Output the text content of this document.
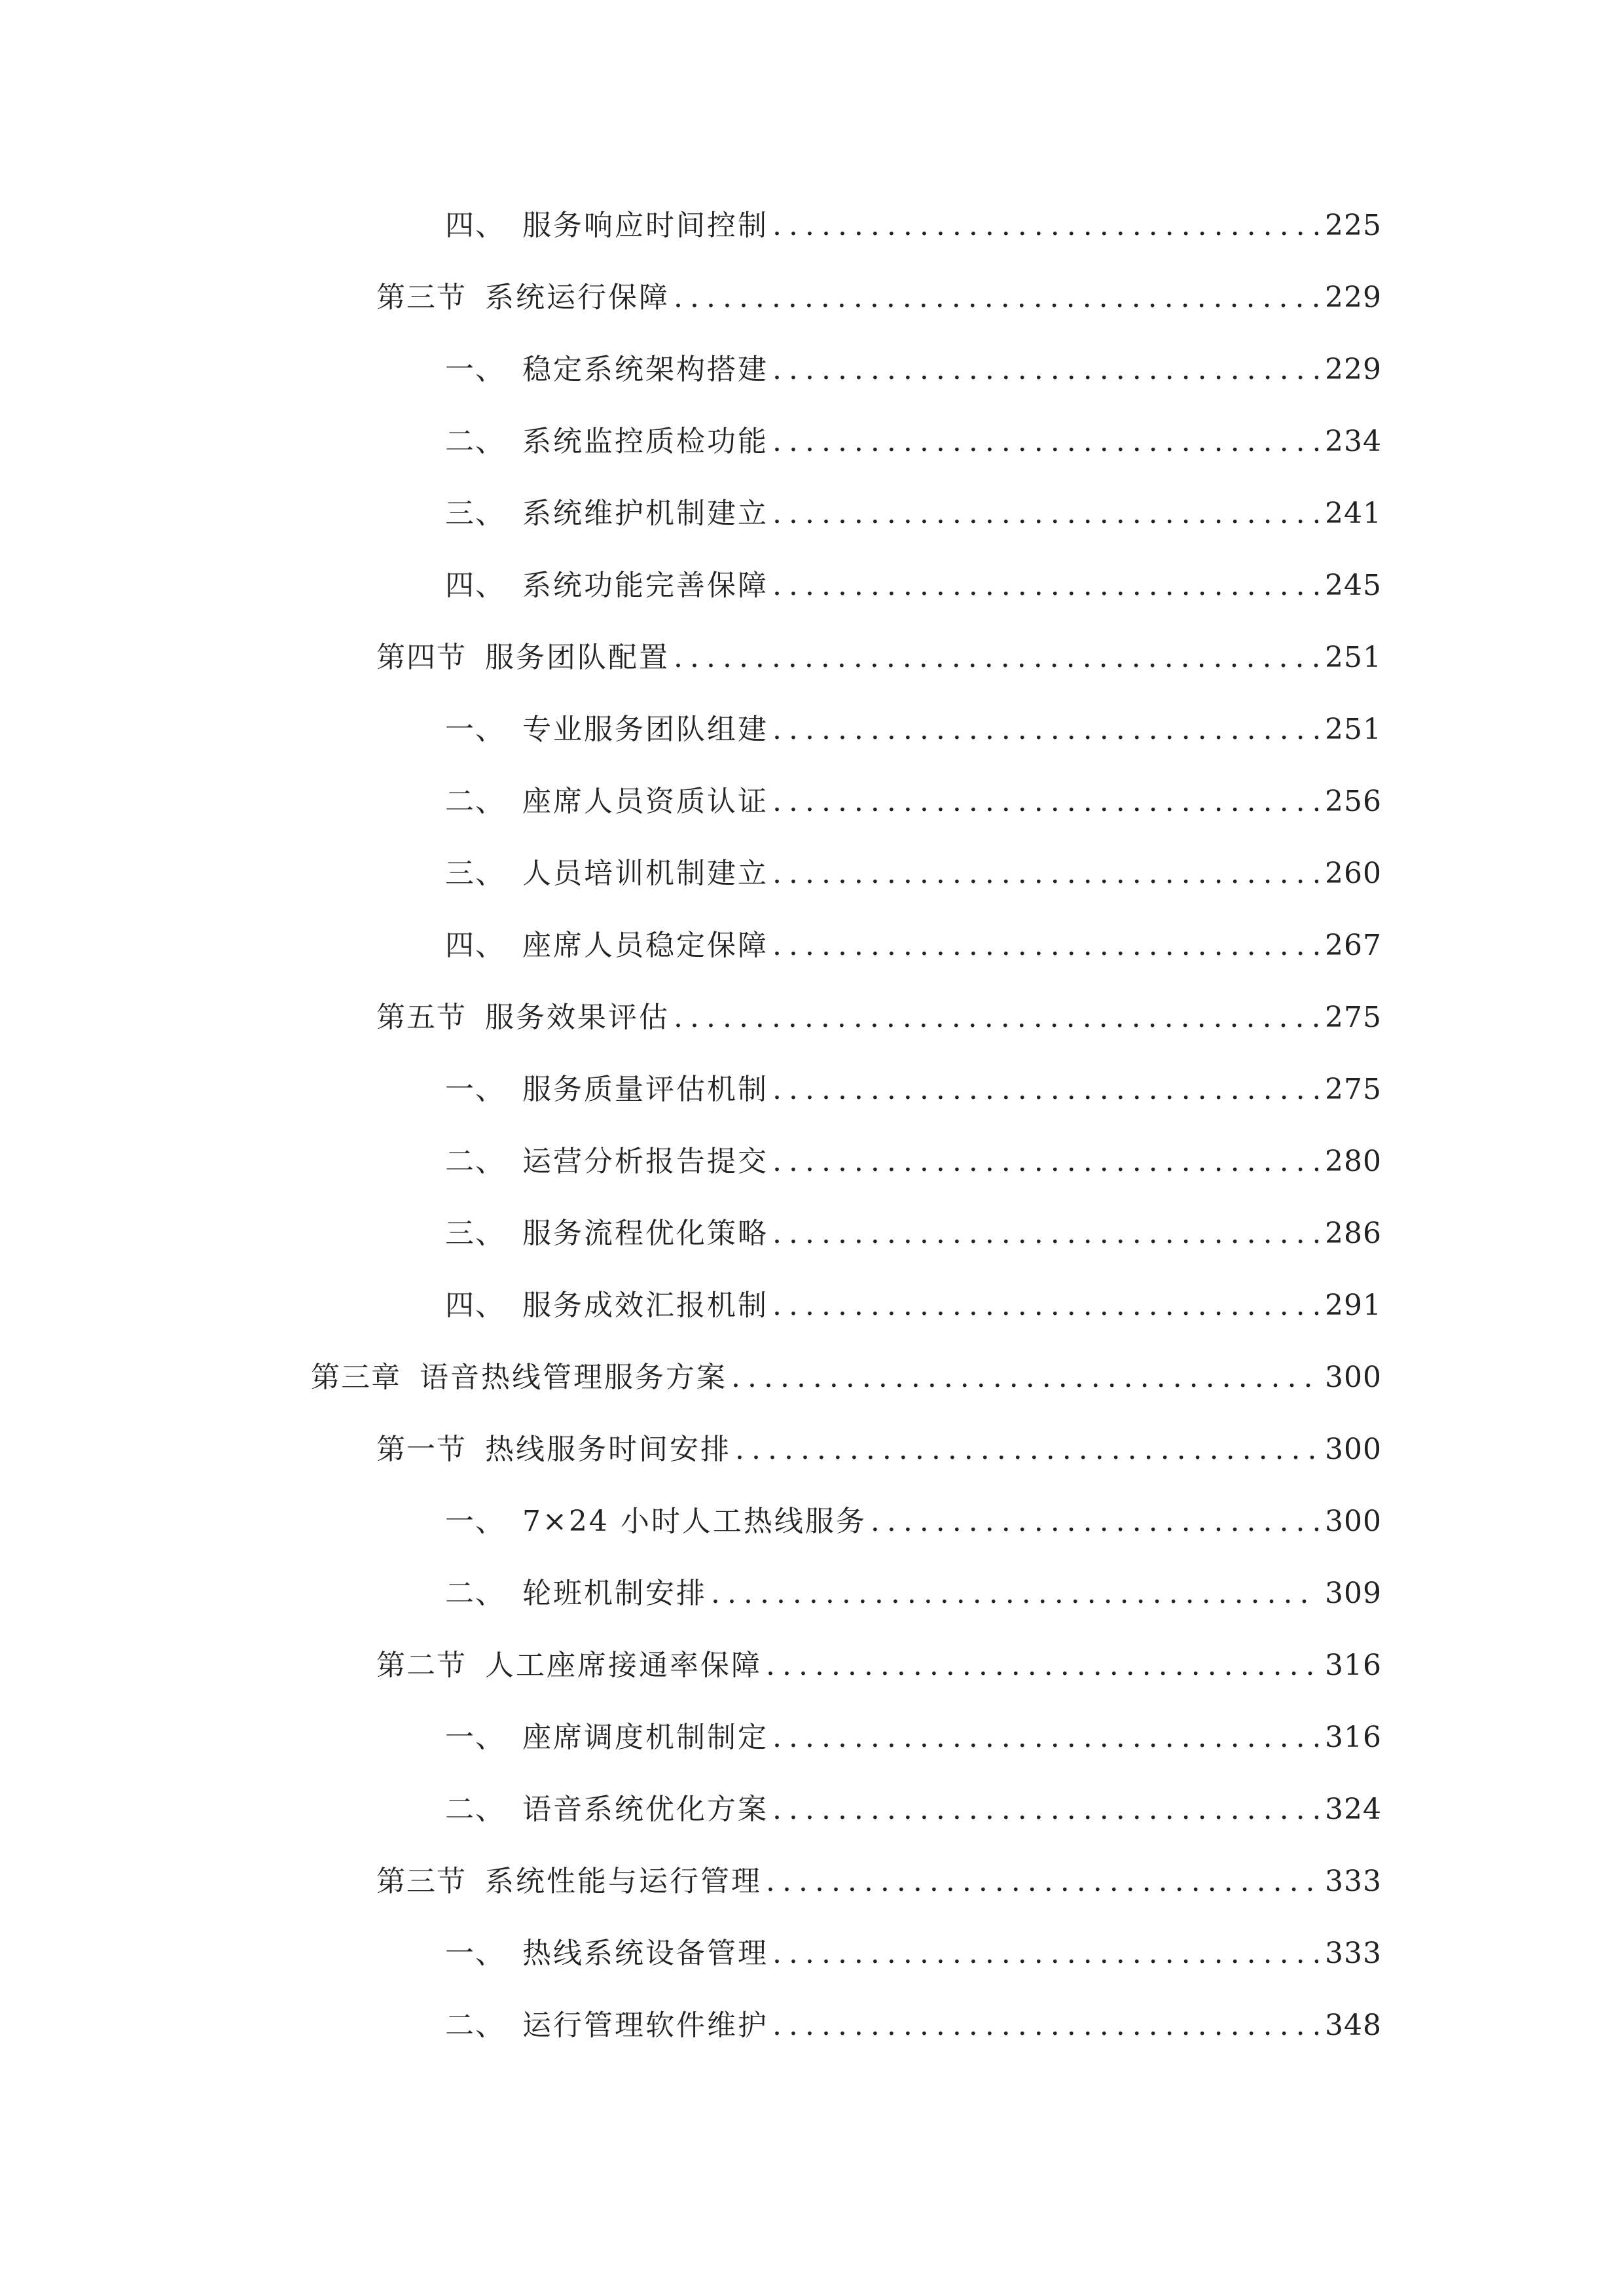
四、 服务响应时间控制 .....	225
第三节 系统运行保障 .....	229
一、 稳定系统架构搭建 .....	229
二、 系统监控质检功能 .....	234
三、 系统维护机制建立 .....	241
四、 系统功能完善保障 .....	245
第四节 服务团队配置 .....	251
一、 专业服务团队组建 .....	251
二、 座席人员资质认证 .....	256
三、 人员培训机制建立 .....	260
四、 座席人员稳定保障 .....	267
第五节 服务效果评估 .....	275
一、 服务质量评估机制 .....	275
二、 运营分析报告提交 .....	280
三、 服务流程优化策略 .....	286
四、 服务成效汇报机制 .....	291
第三章 语音热线管理服务方案 .....	300
第一节 热线服务时间安排 .....	300
一、 7×24 小时人工热线服务 .....	300
二、 轮班机制安排 .....	309
第二节 人工座席接通率保障 .....	316
一、 座席调度机制制定 .....	316
二、 语音系统优化方案 .....	324
第三节 系统性能与运行管理 .....	333
一、 热线系统设备管理 .....	333
二、 运行管理软件维护 .....	348
